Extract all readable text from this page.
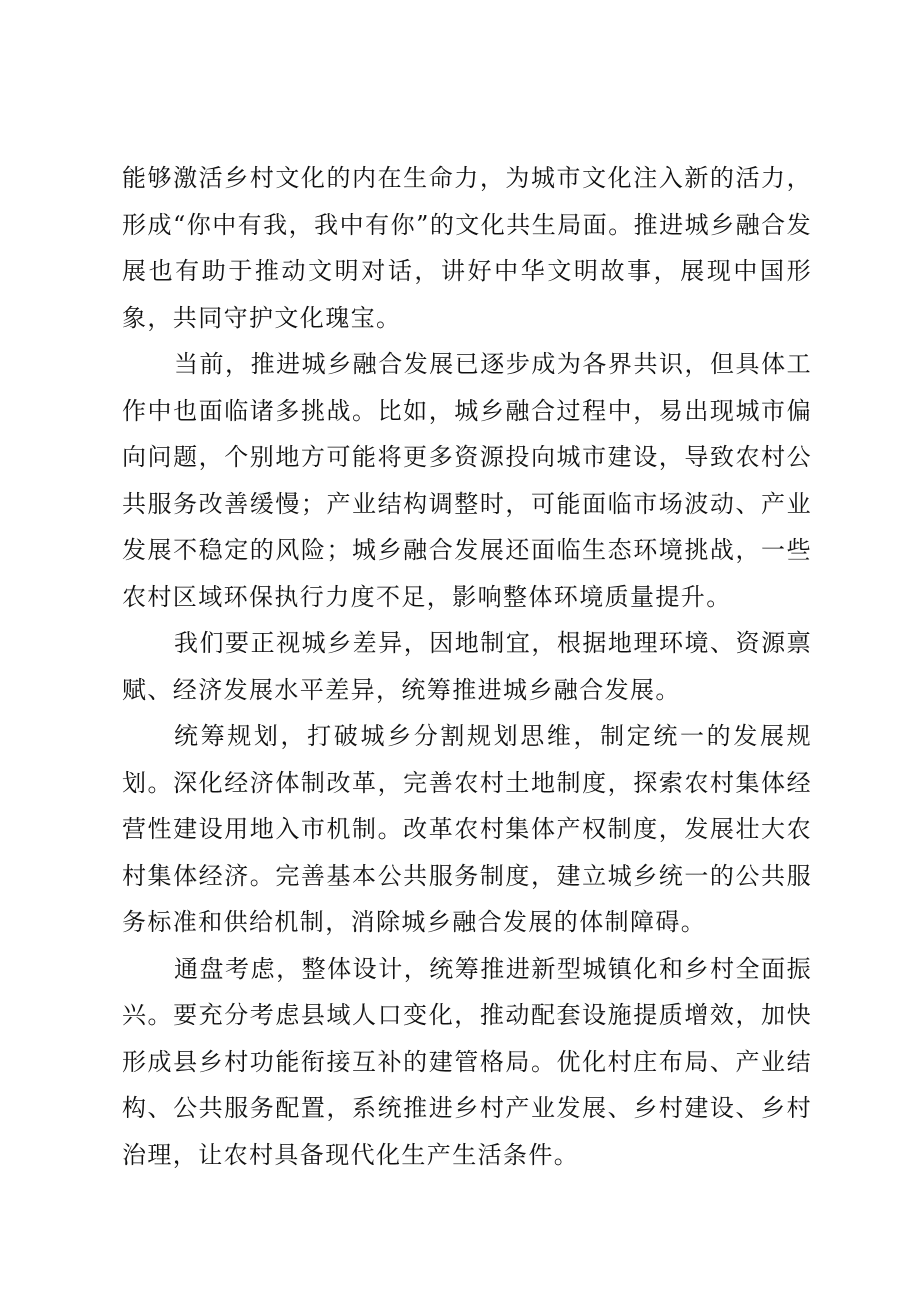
能够激活乡村文化的内在生命力，为城市文化注入新的活力，形成“你中有我，我中有你”的文化共生局面。推进城乡融合发展也有助于推动文明对话，讲好中华文明故事，展现中国形象，共同守护文化瑰宝。

当前，推进城乡融合发展已逐步成为各界共识，但具体工作中也面临诸多挑战。比如，城乡融合过程中，易出现城市偏向问题，个别地方可能将更多资源投向城市建设，导致农村公共服务改善缓慢；产业结构调整时，可能面临市场波动、产业发展不稳定的风险；城乡融合发展还面临生态环境挑战，一些农村区域环保执行力度不足，影响整体环境质量提升。

我们要正视城乡差异，因地制宜，根据地理环境、资源禀赋、经济发展水平差异，统筹推进城乡融合发展。

统筹规划，打破城乡分割规划思维，制定统一的发展规划。深化经济体制改革，完善农村土地制度，探索农村集体经营性建设用地入市机制。改革农村集体产权制度，发展壮大农村集体经济。完善基本公共服务制度，建立城乡统一的公共服务标准和供给机制，消除城乡融合发展的体制障碍。

通盘考虑，整体设计，统筹推进新型城镇化和乡村全面振兴。要充分考虑县域人口变化，推动配套设施提质增效，加快形成县乡村功能衔接互补的建管格局。优化村庄布局、产业结构、公共服务配置，系统推进乡村产业发展、乡村建设、乡村治理，让农村具备现代化生产生活条件。
